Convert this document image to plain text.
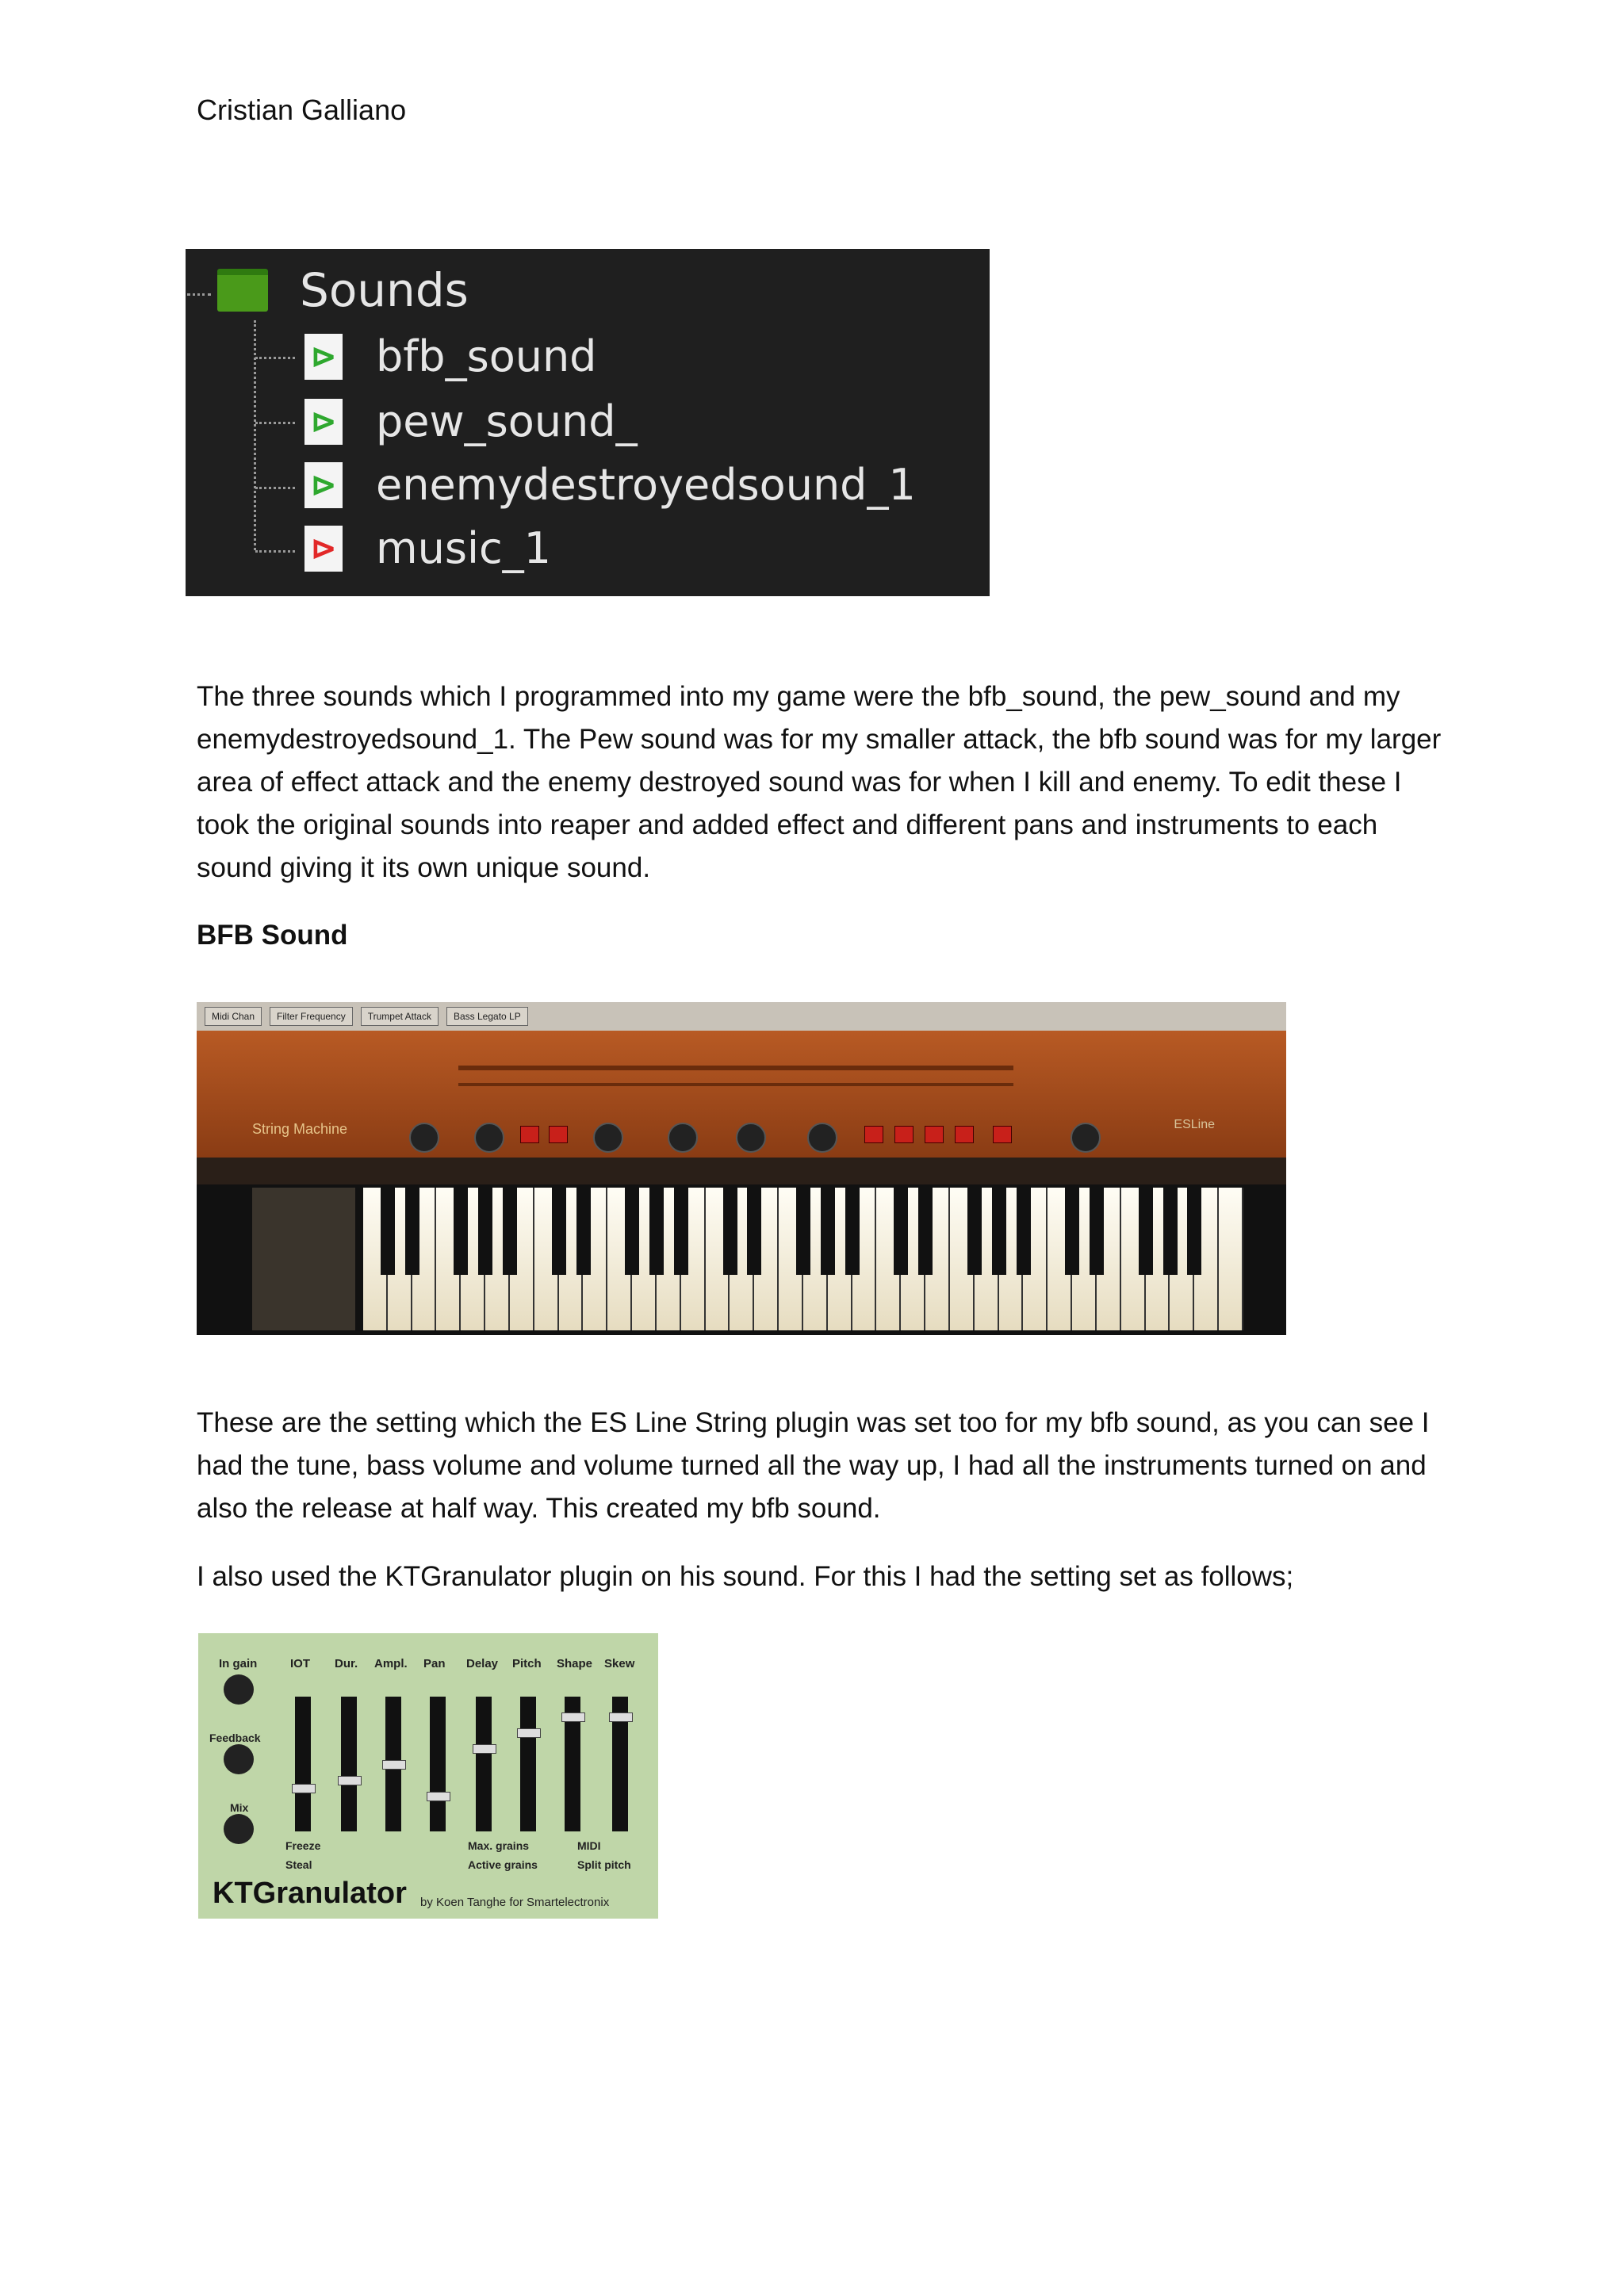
Cristian Galliano
Sounds
⊳ bfb_sound
⊳ pew_sound_
⊳ enemydestroyedsound_1
⊳ music_1
The three sounds which I programmed into my game were the bfb_sound, the pew_sound and my enemydestroyedsound_1. The Pew sound was for my smaller attack, the bfb sound was for my larger area of effect attack and the enemy destroyed sound was for when I kill and enemy. To edit these I took the original sounds into reaper and added effect and different pans and instruments to each sound giving it its own unique sound.
BFB Sound
Midi Chan	Filter Frequency	Trumpet Attack	Bass Legato LP
String Machine	ESLine
These are the setting which the ES Line String plugin was set too for my bfb sound, as you can see I had the tune, bass volume and volume turned all the way up, I had all the instruments turned on and also the release at half way. This created my bfb sound.
I also used the KTGranulator plugin on his sound. For this I had the setting set as follows;
In gain	IOT Dur. Ampl. Pan Delay Pitch Shape Skew
Feedback
Mix
Freeze
Steal
Max. grains
Active grains
MIDI
Split pitch
KTGranulator by Koen Tanghe for Smartelectronix
